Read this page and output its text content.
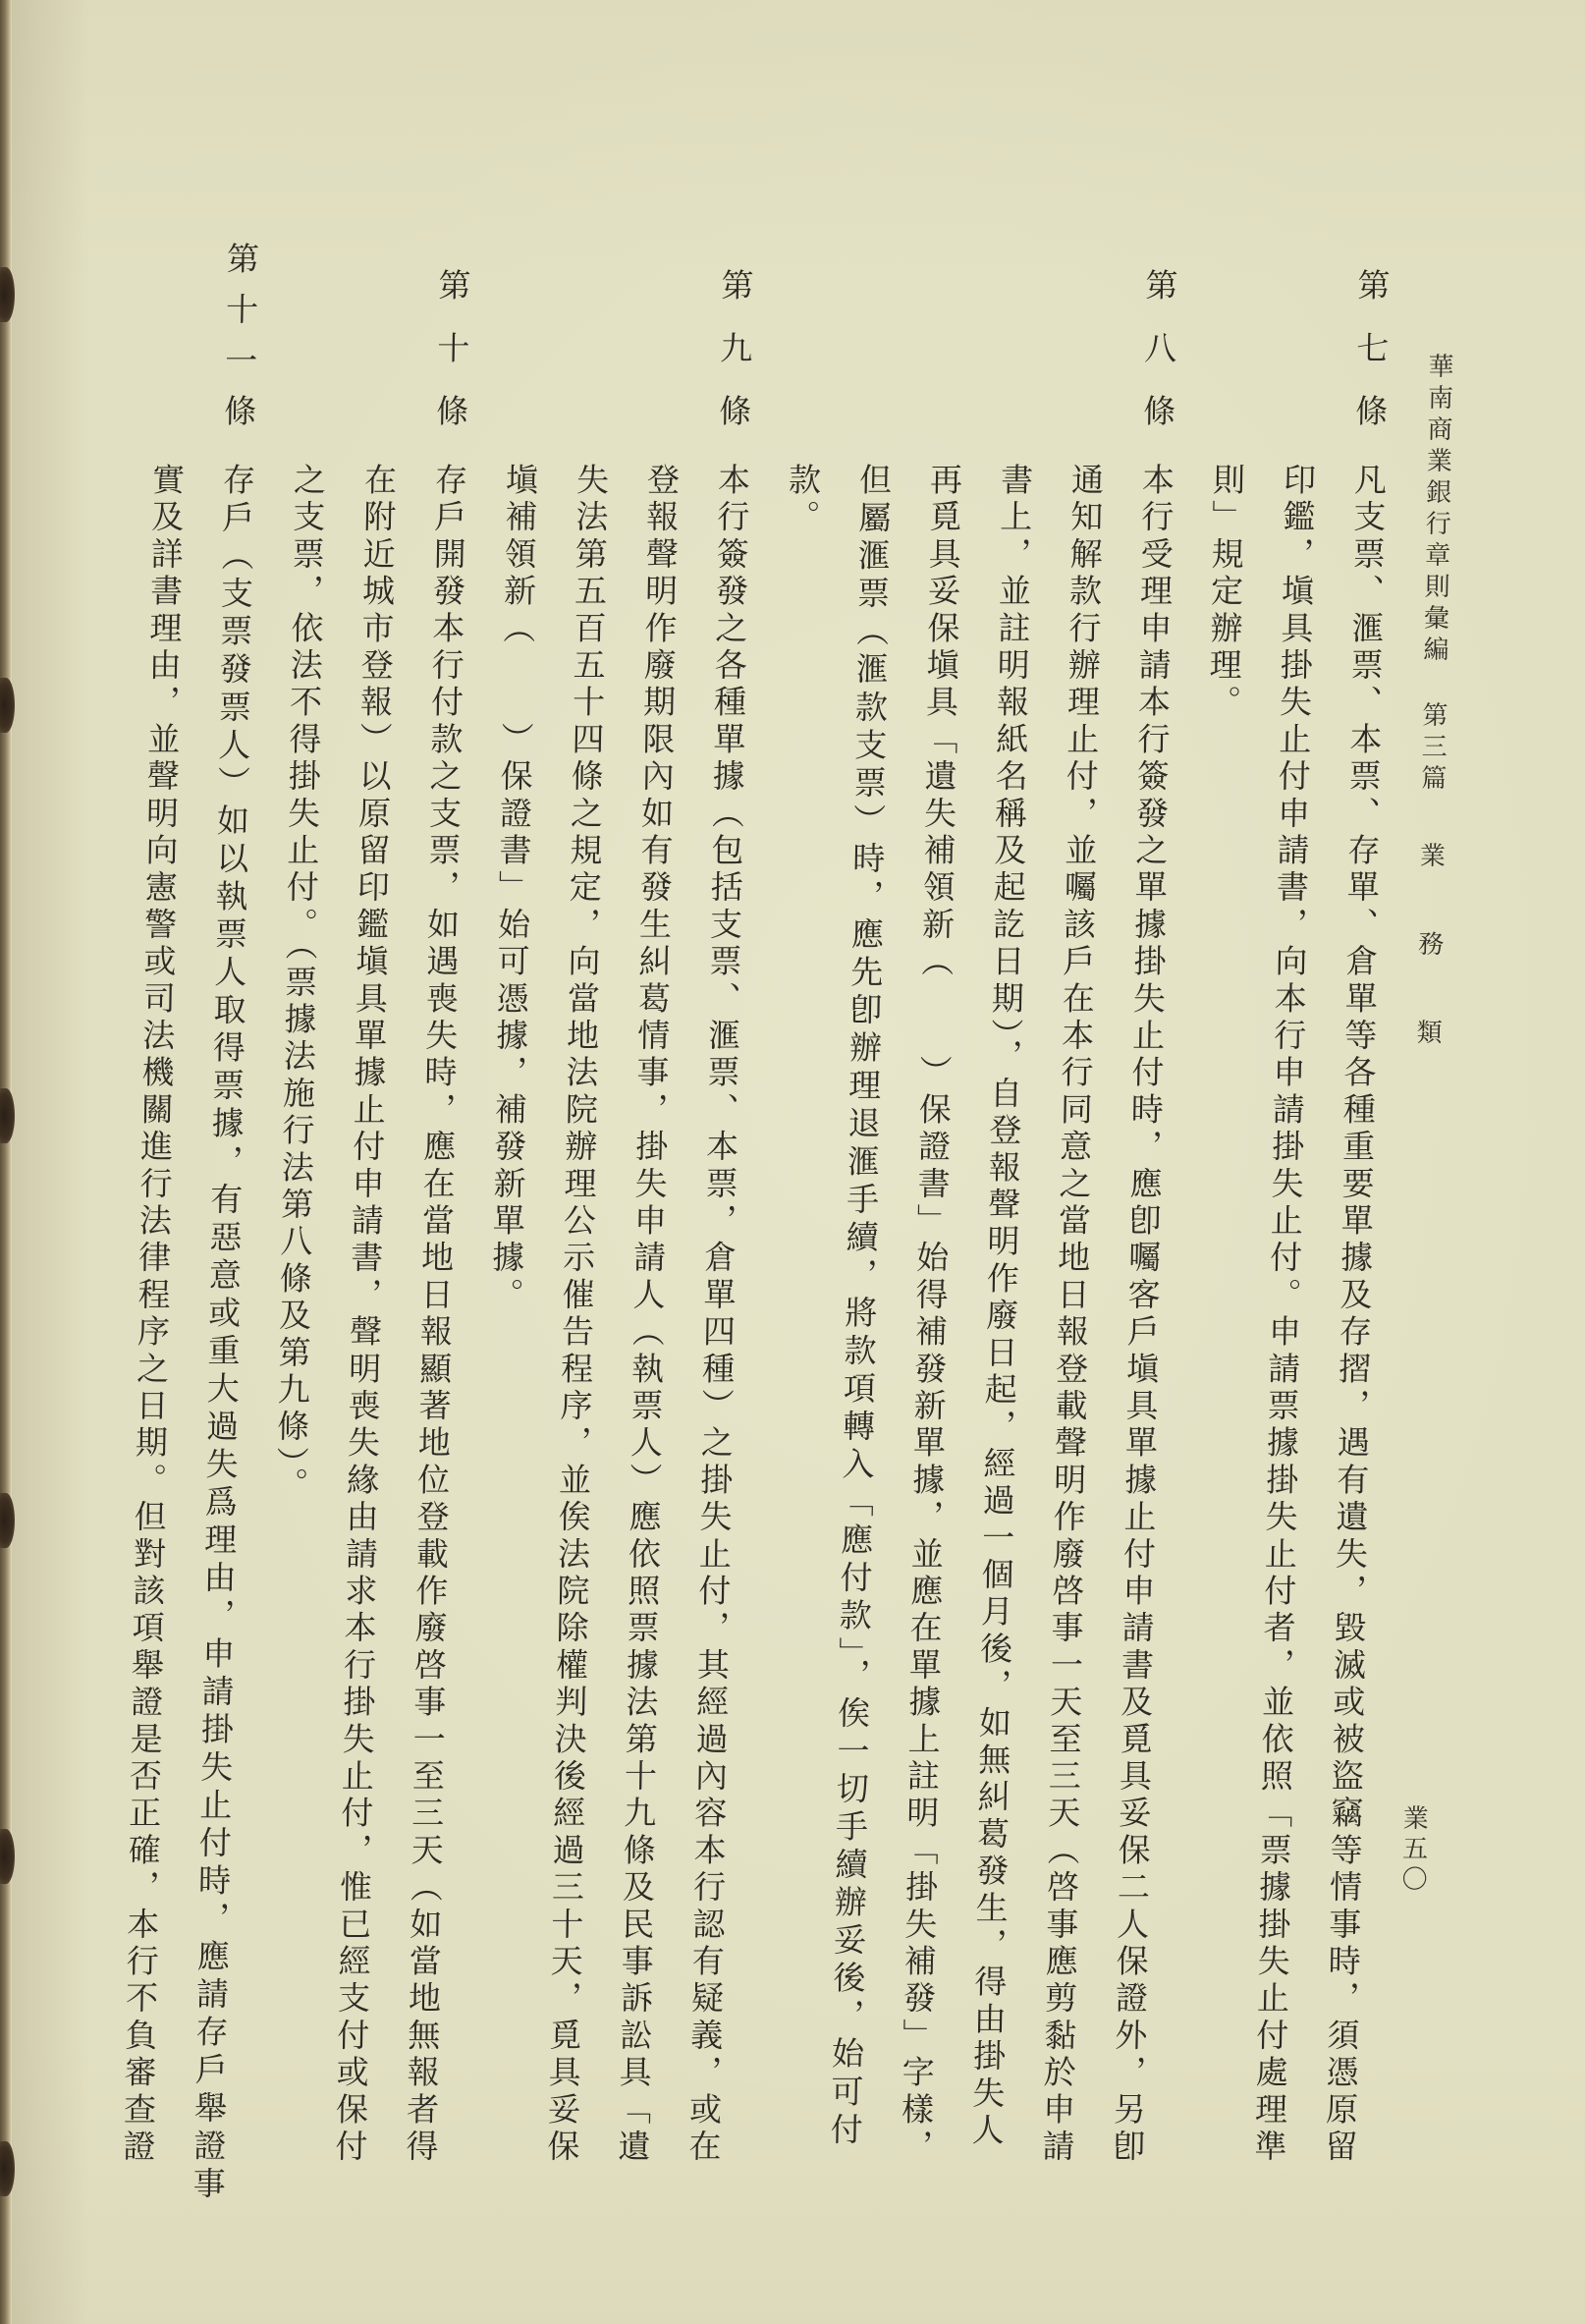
華南商業銀行章則彙編
第三篇
業務類
業五〇
第七條
凡支票、滙票、本票、存單、倉單等各種重要單據及存摺，遇有遺失，毀滅或被盜竊等情事時，須憑原留
印鑑，塡具掛失止付申請書，向本行申請掛失止付。申請票據掛失止付者，並依照「票據掛失止付處理準
則」規定辦理。
第八條
本行受理申請本行簽發之單據掛失止付時，應卽囑客戶塡具單據止付申請書及覓具妥保二人保證外，另卽
通知解款行辦理止付，並囑該戶在本行同意之當地日報登載聲明作廢啓事一天至三天（啓事應剪黏於申請
書上，並註明報紙名稱及起訖日期），自登報聲明作廢日起，經過一個月後，如無糾葛發生，得由掛失人
再覓具妥保塡具「遺失補領新（　　）保證書」始得補發新單據，並應在單據上註明「掛失補發」字樣，
但屬滙票（滙款支票）時，應先卽辦理退滙手續，將款項轉入「應付款」，俟一切手續辦妥後，始可付
款。
第九條
本行簽發之各種單據（包括支票、滙票、本票，倉單四種）之掛失止付，其經過內容本行認有疑義，或在
登報聲明作廢期限內如有發生糾葛情事，掛失申請人（執票人）應依照票據法第十九條及民事訴訟具「遺
失法第五百五十四條之規定，向當地法院辦理公示催告程序，並俟法院除權判決後經過三十天，覓具妥保
塡補領新（　　）保證書」始可憑據，補發新單據。
第十條
存戶開發本行付款之支票，如遇喪失時，應在當地日報顯著地位登載作廢啓事一至三天（如當地無報者得
在附近城市登報）以原留印鑑塡具單據止付申請書，聲明喪失緣由請求本行掛失止付，惟已經支付或保付
之支票，依法不得掛失止付。（票據法施行法第八條及第九條）。
第十一條
存戶（支票發票人）如以執票人取得票據，有惡意或重大過失爲理由，申請掛失止付時，應請存戶舉證事
實及詳書理由，並聲明向憲警或司法機關進行法律程序之日期。但對該項舉證是否正確，本行不負審查證
